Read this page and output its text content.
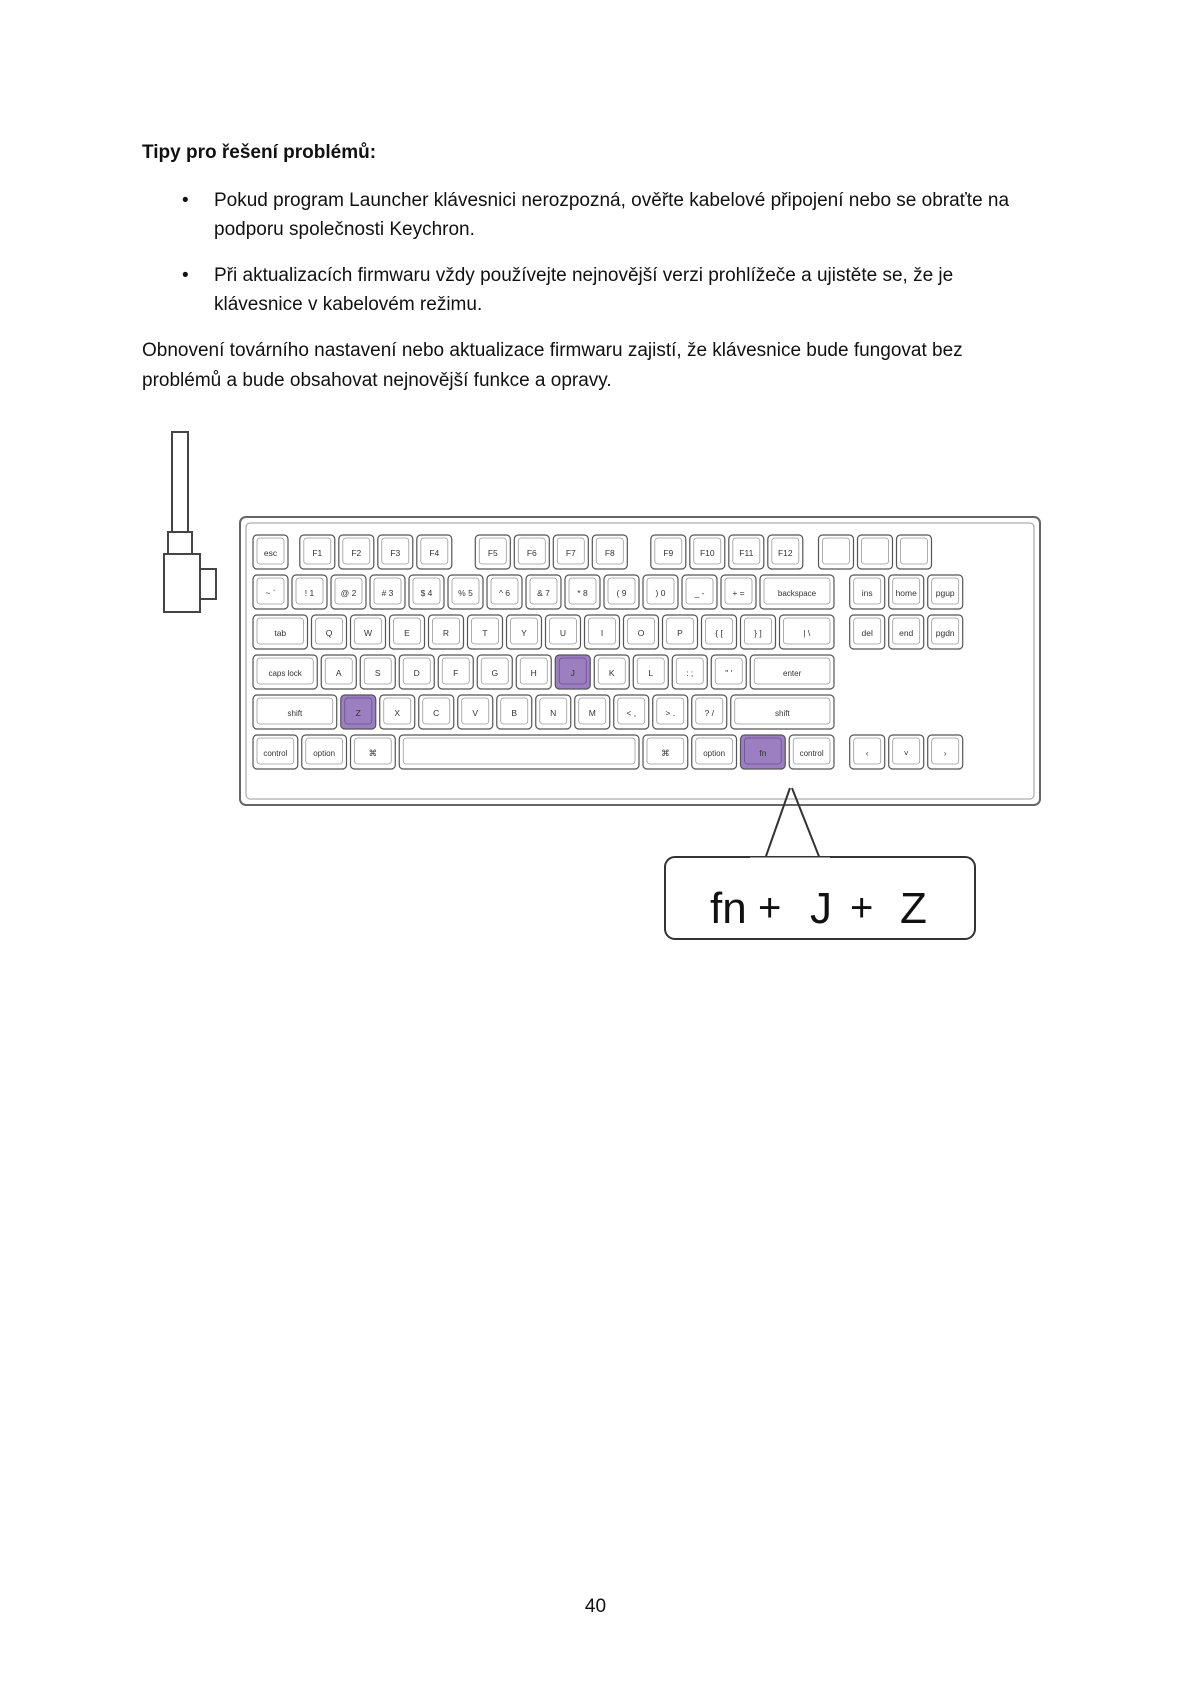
Tipy pro řešení problémů:
• Pokud program Launcher klávesnici nerozpozná, ověřte kabelové připojení nebo se obraťte na podporu společnosti Keychron.
• Při aktualizacích firmwaru vždy používejte nejnovější verzi prohlížeče a ujistěte se, že je klávesnice v kabelovém režimu.

Obnovení továrního nastavení nebo aktualizace firmwaru zajistí, že klávesnice bude fungovat bez problémů a bude obsahovat nejnovější funkce a opravy.

esc	F1	F2	F3	F4	F5	F6	F7	F8	F9	F10	F11	F12
~ `	! 1	@ 2	# 3	$ 4	% 5	^ 6	& 7	* 8	( 9	) 0	_ -	+ =	backspace	ins	home pgup
tab	Q	W	E	R	T	Y	U	I	O	P	{ [	} ]	| \	del	end	pgdn
caps lock	A	S	D	F	G	H	J	K	L	: ;	" '	enter
shift	Z	X	C	V	B	N	M	< ,	> .	? /	shift
control	option	⌘	⌘	option	fn	control	‹	˅	›
fn + J + Z
40
